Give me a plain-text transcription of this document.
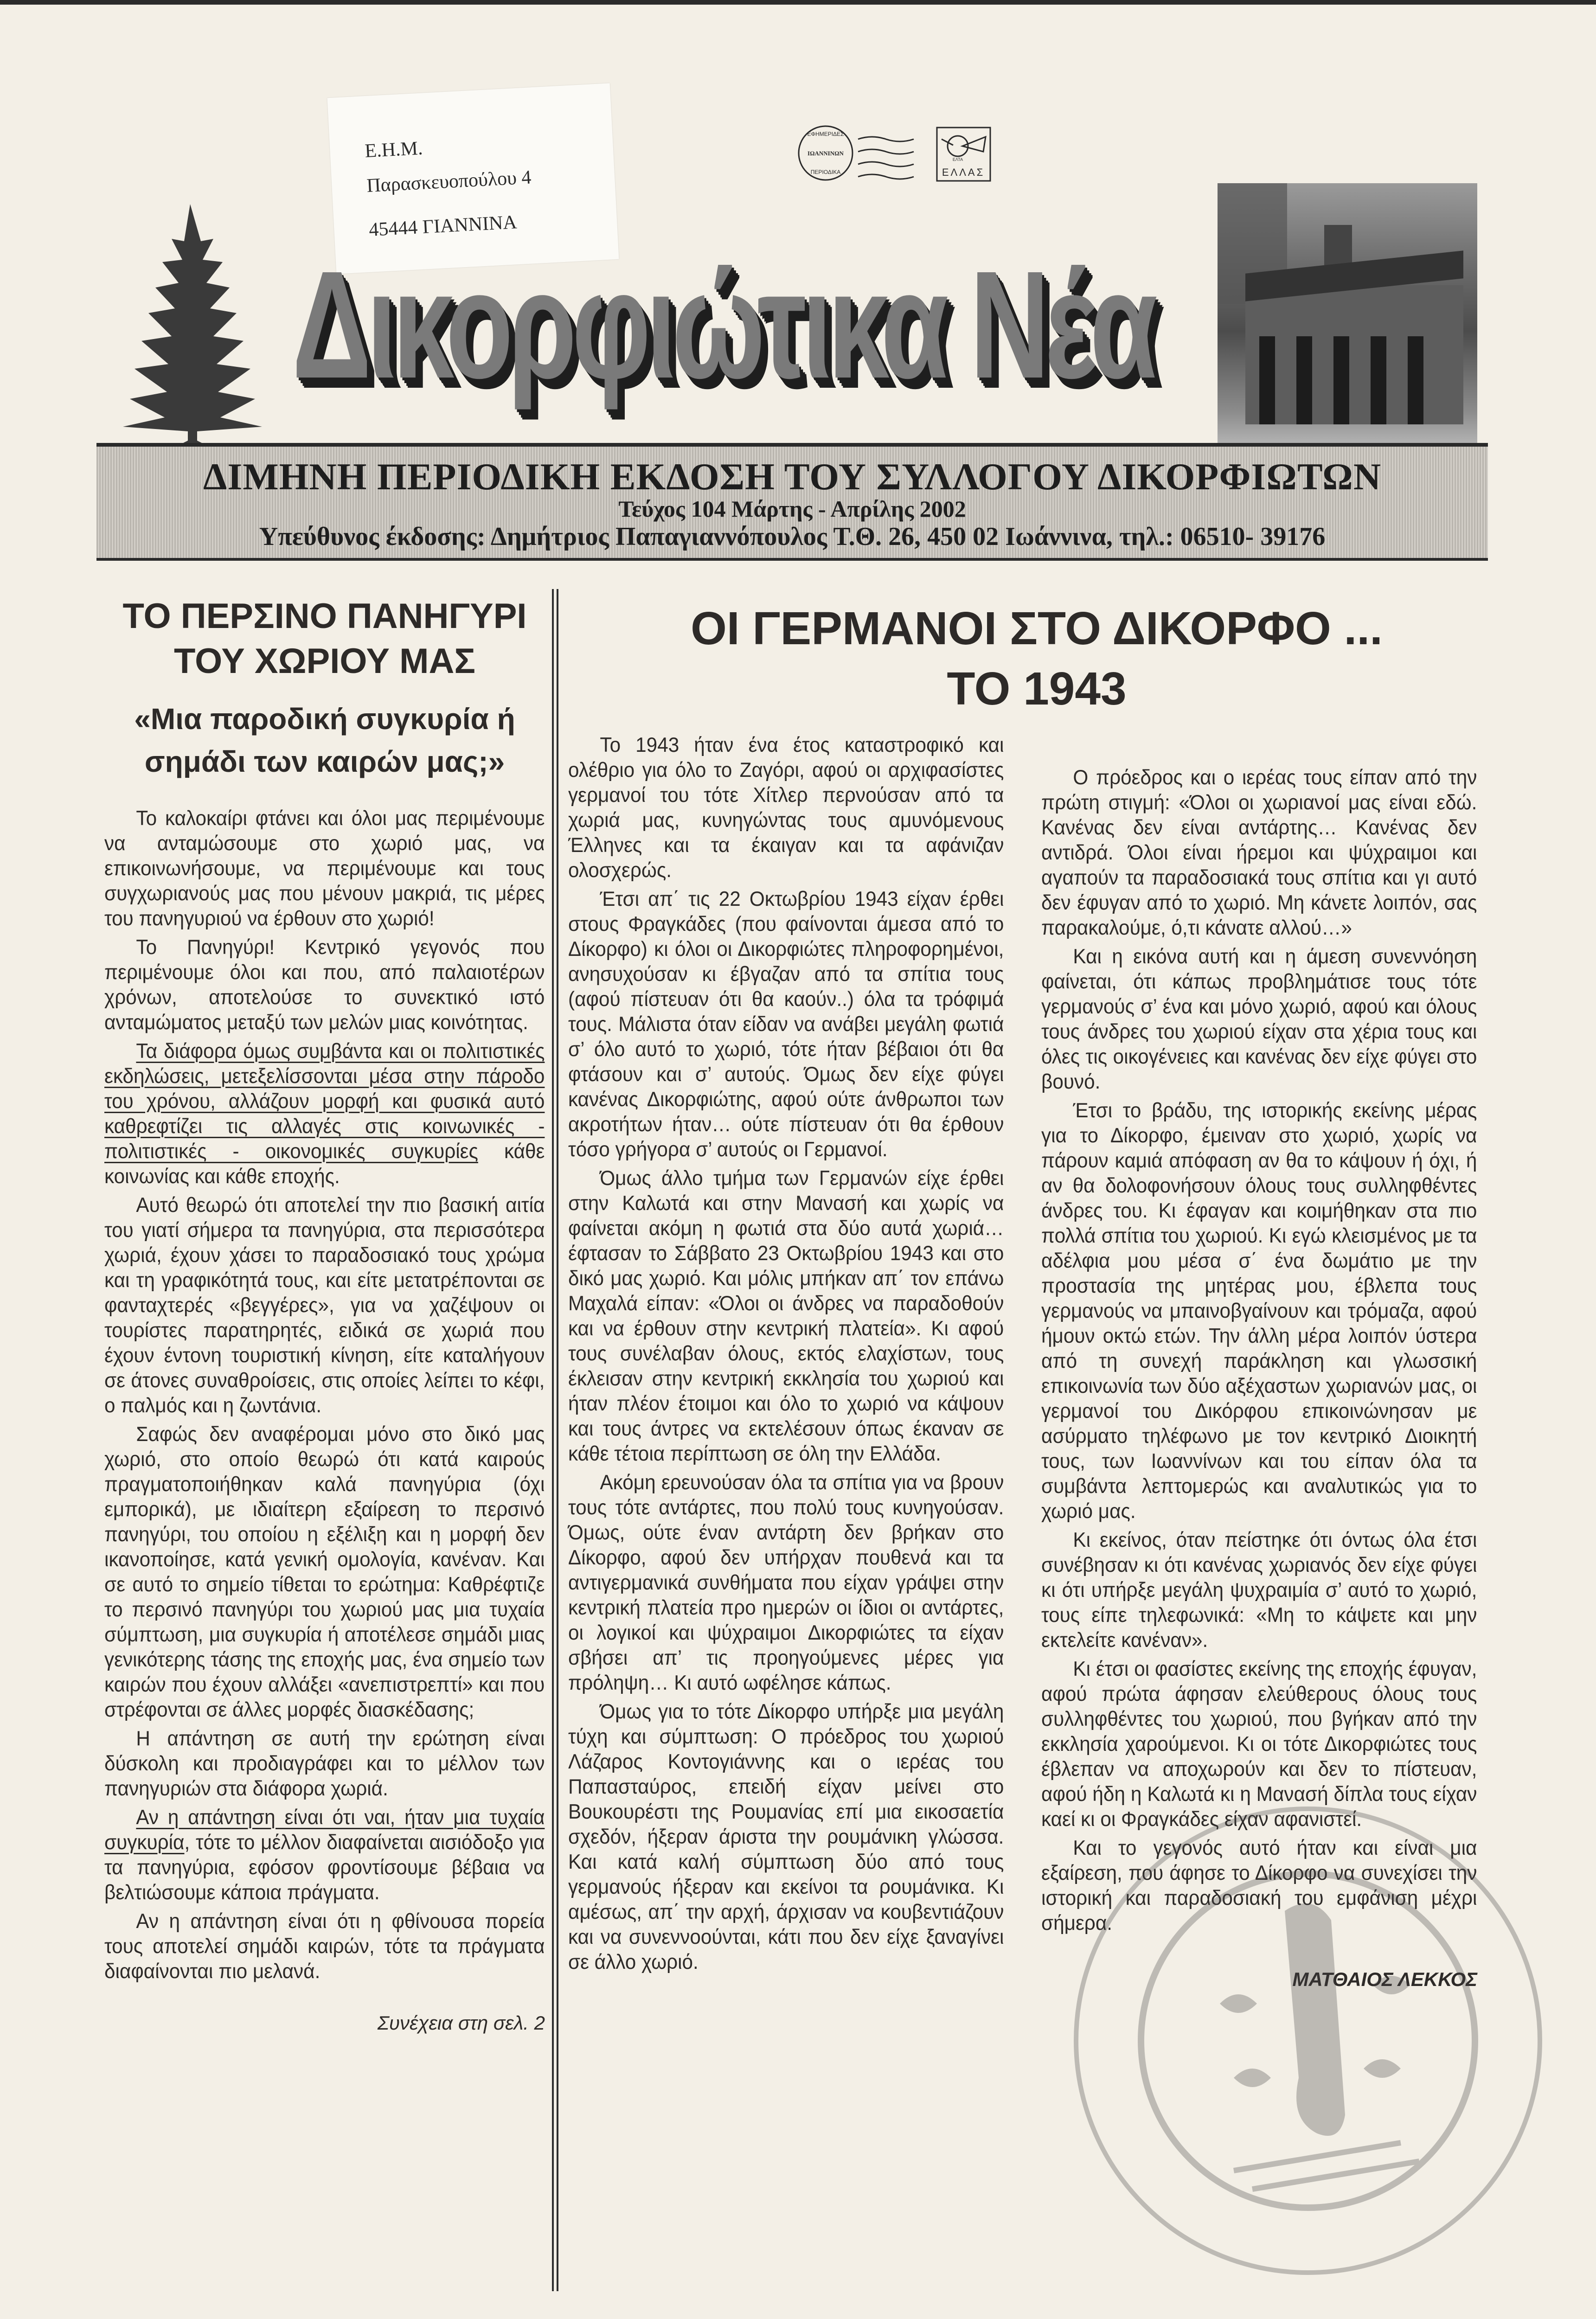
Ε.Η.Μ.
Παρασκευοπούλου 4
45444 ΓΙΑΝΝΙΝΑ
ΙΩΑΝΝΙΝΩΝ
ΕΦΗΜΕΡΙΔΕΣ
ΠΕΡΙΟΔΙΚΑ
ΕΛΤΑ
ΕΛΛΑΣ
Δικορφιώτικα Νέα
ΔΙΜΗΝΗ ΠΕΡΙΟΔΙΚΗ ΕΚΔΟΣΗ ΤΟΥ ΣΥΛΛΟΓΟΥ ΔΙΚΟΡΦΙΩΤΩΝ
Τεύχος 104 Μάρτης - Απρίλης 2002
Υπεύθυνος έκδοσης: Δημήτριος Παπαγιαννόπουλος Τ.Θ. 26, 450 02 Ιωάννινα, τηλ.: 06510- 39176
ΤΟ ΠΕΡΣΙΝΟ ΠΑΝΗΓΥΡΙ
ΤΟΥ ΧΩΡΙΟΥ ΜΑΣ
«Μια παροδική συγκυρία ή
σημάδι των καιρών μας;»

Το καλοκαίρι φτάνει και όλοι μας περιμένουμε να ανταμώσουμε στο χωριό μας, να επικοινωνήσουμε, να περιμένουμε και τους συγχωριανούς μας που μένουν μακριά, τις μέρες του πανηγυριού να έρθουν στο χωριό!

Το Πανηγύρι! Κεντρικό γεγονός που περιμένουμε όλοι και που, από παλαιοτέρων χρόνων, αποτελούσε το συνεκτικό ιστό ανταμώματος μεταξύ των μελών μιας κοινότητας.

Τα διάφορα όμως συμβάντα και οι πολιτιστικές εκδηλώσεις, μετεξελίσσονται μέσα στην πάροδο του χρόνου, αλλάζουν μορφή και φυσικά αυτό καθρεφτίζει τις αλλαγές στις κοινωνικές - πολιτιστικές - οικονομικές συγκυρίες κάθε κοινωνίας και κάθε εποχής.

Αυτό θεωρώ ότι αποτελεί την πιο βασική αιτία του γιατί σήμερα τα πανηγύρια, στα περισσότερα χωριά, έχουν χάσει το παραδοσιακό τους χρώμα και τη γραφικότητά τους, και είτε μετατρέπονται σε φανταχτερές «βεγγέρες», για να χαζέψουν οι τουρίστες παρατηρητές, ειδικά σε χωριά που έχουν έντονη τουριστική κίνηση, είτε καταλήγουν σε άτονες συναθροίσεις, στις οποίες λείπει το κέφι, ο παλμός και η ζωντάνια.

Σαφώς δεν αναφέρομαι μόνο στο δικό μας χωριό, στο οποίο θεωρώ ότι κατά καιρούς πραγματοποιήθηκαν καλά πανηγύρια (όχι εμπορικά), με ιδιαίτερη εξαίρεση το περσινό πανηγύρι, του οποίου η εξέλιξη και η μορφή δεν ικανοποίησε, κατά γενική ομολογία, κανέναν. Και σε αυτό το σημείο τίθεται το ερώτημα: Καθρέφτιζε το περσινό πανηγύρι του χωριού μας μια τυχαία σύμπτωση, μια συγκυρία ή αποτέλεσε σημάδι μιας γενικότερης τάσης της εποχής μας, ένα σημείο των καιρών που έχουν αλλάξει «ανεπιστρεπτί» και που στρέφονται σε άλλες μορφές διασκέδασης;

Η απάντηση σε αυτή την ερώτηση είναι δύσκολη και προδιαγράφει και το μέλλον των πανηγυριών στα διάφορα χωριά.

Αν η απάντηση είναι ότι ναι, ήταν μια τυχαία συγκυρία, τότε το μέλλον διαφαίνεται αισιόδοξο για τα πανηγύρια, εφόσον φροντίσουμε βέβαια να βελτιώσουμε κάποια πράγματα.

Αν η απάντηση είναι ότι η φθίνουσα πορεία τους αποτελεί σημάδι καιρών, τότε τα πράγματα διαφαίνονται πιο μελανά.

Συνέχεια στη σελ. 2
ΟΙ ΓΕΡΜΑΝΟΙ ΣΤΟ ΔΙΚΟΡΦΟ ...
ΤΟ 1943

Το 1943 ήταν ένα έτος καταστροφικό και ολέθριο για όλο το Ζαγόρι, αφού οι αρχιφασίστες γερμανοί του τότε Χίτλερ περνούσαν από τα χωριά μας, κυνηγώντας τους αμυνόμενους Έλληνες και τα έκαιγαν και τα αφάνιζαν ολοσχερώς.

Έτσι απ΄ τις 22 Οκτωβρίου 1943 είχαν έρθει στους Φραγκάδες (που φαίνονται άμεσα από το Δίκορφο) κι όλοι οι Δικορφιώτες πληροφορημένοι, ανησυχούσαν κι έβγαζαν από τα σπίτια τους (αφού πίστευαν ότι θα καούν..) όλα τα τρόφιμά τους. Μάλιστα όταν είδαν να ανάβει μεγάλη φωτιά σ’ όλο αυτό το χωριό, τότε ήταν βέβαιοι ότι θα φτάσουν και σ’ αυτούς. Όμως δεν είχε φύγει κανένας Δικορφιώτης, αφού ούτε άνθρωποι των ακροτήτων ήταν… ούτε πίστευαν ότι θα έρθουν τόσο γρήγορα σ’ αυτούς οι Γερμανοί.

Όμως άλλο τμήμα των Γερμανών είχε έρθει στην Καλωτά και στην Μανασή και χωρίς να φαίνεται ακόμη η φωτιά στα δύο αυτά χωριά… έφτασαν το Σάββατο 23 Οκτωβρίου 1943 και στο δικό μας χωριό. Και μόλις μπήκαν απ΄ τον επάνω Μαχαλά είπαν: «Όλοι οι άνδρες να παραδοθούν και να έρθουν στην κεντρική πλατεία». Κι αφού τους συνέλαβαν όλους, εκτός ελαχίστων, τους έκλεισαν στην κεντρική εκκλησία του χωριού και ήταν πλέον έτοιμοι και όλο το χωριό να κάψουν και τους άντρες να εκτελέσουν όπως έκαναν σε κάθε τέτοια περίπτωση σε όλη την Ελλάδα.

Ακόμη ερευνούσαν όλα τα σπίτια για να βρουν τους τότε αντάρτες, που πολύ τους κυνηγούσαν. Όμως, ούτε έναν αντάρτη δεν βρήκαν στο Δίκορφο, αφού δεν υπήρχαν πουθενά και τα αντιγερμανικά συνθήματα που είχαν γράψει στην κεντρική πλατεία προ ημερών οι ίδιοι οι αντάρτες, οι λογικοί και ψύχραιμοι Δικορφιώτες τα είχαν σβήσει απ’ τις προηγούμενες μέρες για πρόληψη… Κι αυτό ωφέλησε κάπως.

Όμως για το τότε Δίκορφο υπήρξε μια μεγάλη τύχη και σύμπτωση: Ο πρόεδρος του χωριού Λάζαρος Κοντογιάννης και ο ιερέας του Παπασταύρος, επειδή είχαν μείνει στο Βουκουρέστι της Ρουμανίας επί μια εικοσαετία σχεδόν, ήξεραν άριστα την ρουμάνικη γλώσσα. Και κατά καλή σύμπτωση δύο από τους γερμανούς ήξεραν και εκείνοι τα ρουμάνικα. Κι αμέσως, απ΄ την αρχή, άρχισαν να κουβεντιάζουν και να συνεννοούνται, κάτι που δεν είχε ξαναγίνει σε άλλο χωριό.

Ο πρόεδρος και ο ιερέας τους είπαν από την πρώτη στιγμή: «Όλοι οι χωριανοί μας είναι εδώ. Κανένας δεν είναι αντάρτης… Κανένας δεν αντιδρά. Όλοι είναι ήρεμοι και ψύχραιμοι και αγαπούν τα παραδοσιακά τους σπίτια και γι αυτό δεν έφυγαν από το χωριό. Μη κάνετε λοιπόν, σας παρακαλούμε, ό,τι κάνατε αλλού…»

Και η εικόνα αυτή και η άμεση συνεννόηση φαίνεται, ότι κάπως προβλημάτισε τους τότε γερμανούς σ’ ένα και μόνο χωριό, αφού και όλους τους άνδρες του χωριού είχαν στα χέρια τους και όλες τις οικογένειες και κανένας δεν είχε φύγει στο βουνό.

Έτσι το βράδυ, της ιστορικής εκείνης μέρας για το Δίκορφο, έμειναν στο χωριό, χωρίς να πάρουν καμιά απόφαση αν θα το κάψουν ή όχι, ή αν θα δολοφονήσουν όλους τους συλληφθέντες άνδρες του. Κι έφαγαν και κοιμήθηκαν στα πιο πολλά σπίτια του χωριού. Κι εγώ κλεισμένος με τα αδέλφια μου μέσα σ΄ ένα δωμάτιο με την προστασία της μητέρας μου, έβλεπα τους γερμανούς να μπαινοβγαίνουν και τρόμαζα, αφού ήμουν οκτώ ετών. Την άλλη μέρα λοιπόν ύστερα από τη συνεχή παράκληση και γλωσσική επικοινωνία των δύο αξέχαστων χωριανών μας, οι γερμανοί του Δικόρφου επικοινώνησαν με ασύρματο τηλέφωνο με τον κεντρικό Διοικητή τους, των Ιωαννίνων και του είπαν όλα τα συμβάντα λεπτομερώς και αναλυτικώς για το χωριό μας.

Κι εκείνος, όταν πείστηκε ότι όντως όλα έτσι συνέβησαν κι ότι κανένας χωριανός δεν είχε φύγει κι ότι υπήρξε μεγάλη ψυχραιμία σ’ αυτό το χωριό, τους είπε τηλεφωνικά: «Μη το κάψετε και μην εκτελείτε κανέναν».

Κι έτσι οι φασίστες εκείνης της εποχής έφυγαν, αφού πρώτα άφησαν ελεύθερους όλους τους συλληφθέντες του χωριού, που βγήκαν από την εκκλησία χαρούμενοι. Κι οι τότε Δικορφιώτες τους έβλεπαν να αποχωρούν και δεν το πίστευαν, αφού ήδη η Καλωτά κι η Μανασή δίπλα τους είχαν καεί κι οι Φραγκάδες είχαν αφανιστεί.

Και το γεγονός αυτό ήταν και είναι μια εξαίρεση, που άφησε το Δίκορφο να συνεχίσει την ιστορική και παραδοσιακή του εμφάνιση μέχρι σήμερα.

ΜΑΤΘΑΙΟΣ ΛΕΚΚΟΣ
